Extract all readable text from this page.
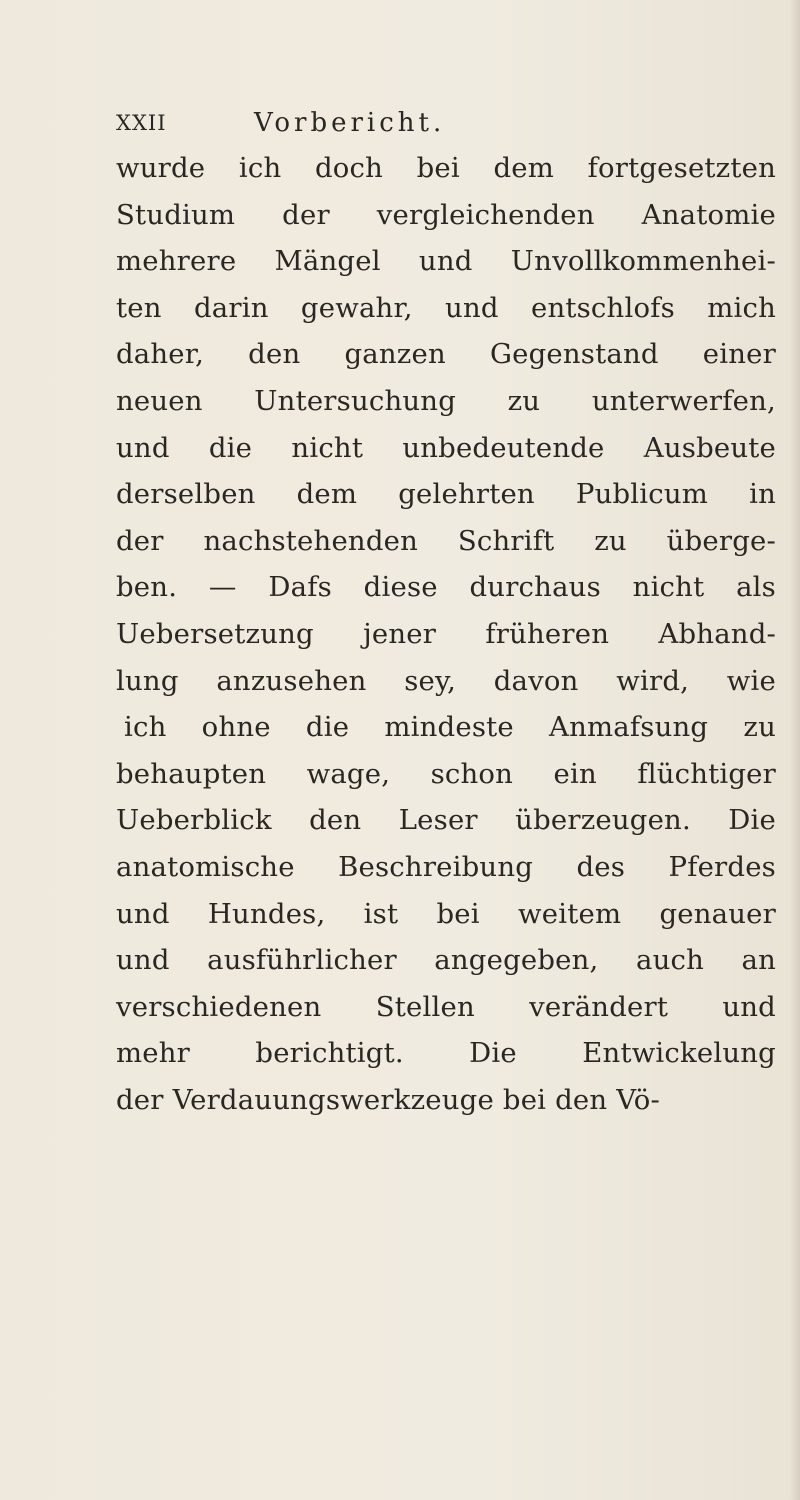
XXII	Vorbericht.
wurde ich doch bei dem fortgesetzten
Studium der vergleichenden Anatomie
mehrere Mängel und Unvollkommenhei-
ten darin gewahr, und entschlofs mich
daher, den ganzen Gegenstand einer
neuen Untersuchung zu unterwerfen,
und die nicht unbedeutende Ausbeute
derselben dem gelehrten Publicum in
der nachstehenden Schrift zu überge-
ben. — Dafs diese durchaus nicht als
Uebersetzung jener früheren Abhand-
lung anzusehen sey, davon wird, wie
ich ohne die mindeste Anmafsung zu
behaupten wage, schon ein flüchtiger
Ueberblick den Leser überzeugen. Die
anatomische Beschreibung des Pferdes
und Hundes, ist bei weitem genauer
und ausführlicher angegeben, auch an
verschiedenen Stellen verändert und
mehr berichtigt. Die Entwickelung
der Verdauungswerkzeuge bei den Vö-
